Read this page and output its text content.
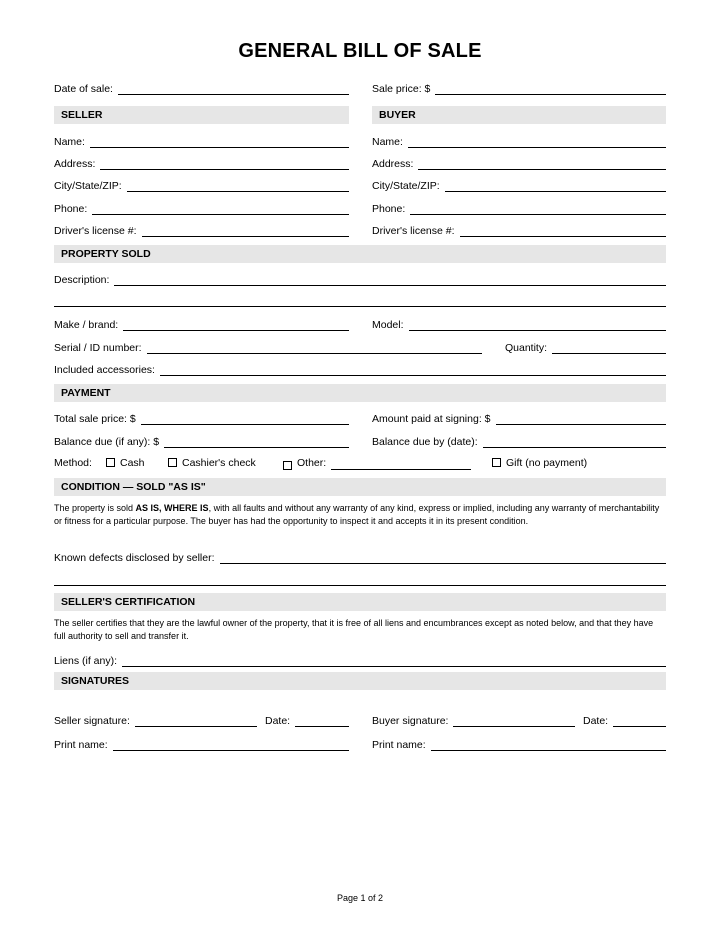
GENERAL BILL OF SALE
Date of sale:	Sale price: $
SELLER	BUYER
Name:	Name:
Address:	Address:
City/State/ZIP:	City/State/ZIP:
Phone:	Phone:
Driver's license #:	Driver's license #:
PROPERTY SOLD
Description:
Make / brand:	Model:
Serial / ID number:	Quantity:
Included accessories:
PAYMENT
Total sale price: $	Amount paid at signing: $
Balance due (if any): $	Balance due by (date):
Method:	Cash	Cashier's check	Other:	Gift (no payment)
CONDITION — SOLD "AS IS"
The property is sold AS IS, WHERE IS, with all faults and without any warranty of any kind, express or implied, including any warranty of merchantability or fitness for a particular purpose. The buyer has had the opportunity to inspect it and accepts it in its present condition.
Known defects disclosed by seller:
SELLER'S CERTIFICATION
The seller certifies that they are the lawful owner of the property, that it is free of all liens and encumbrances except as noted below, and that they have full authority to sell and transfer it.
Liens (if any):
SIGNATURES
Seller signature:	Date:	Buyer signature:	Date:
Print name:	Print name:
Page 1 of 2
